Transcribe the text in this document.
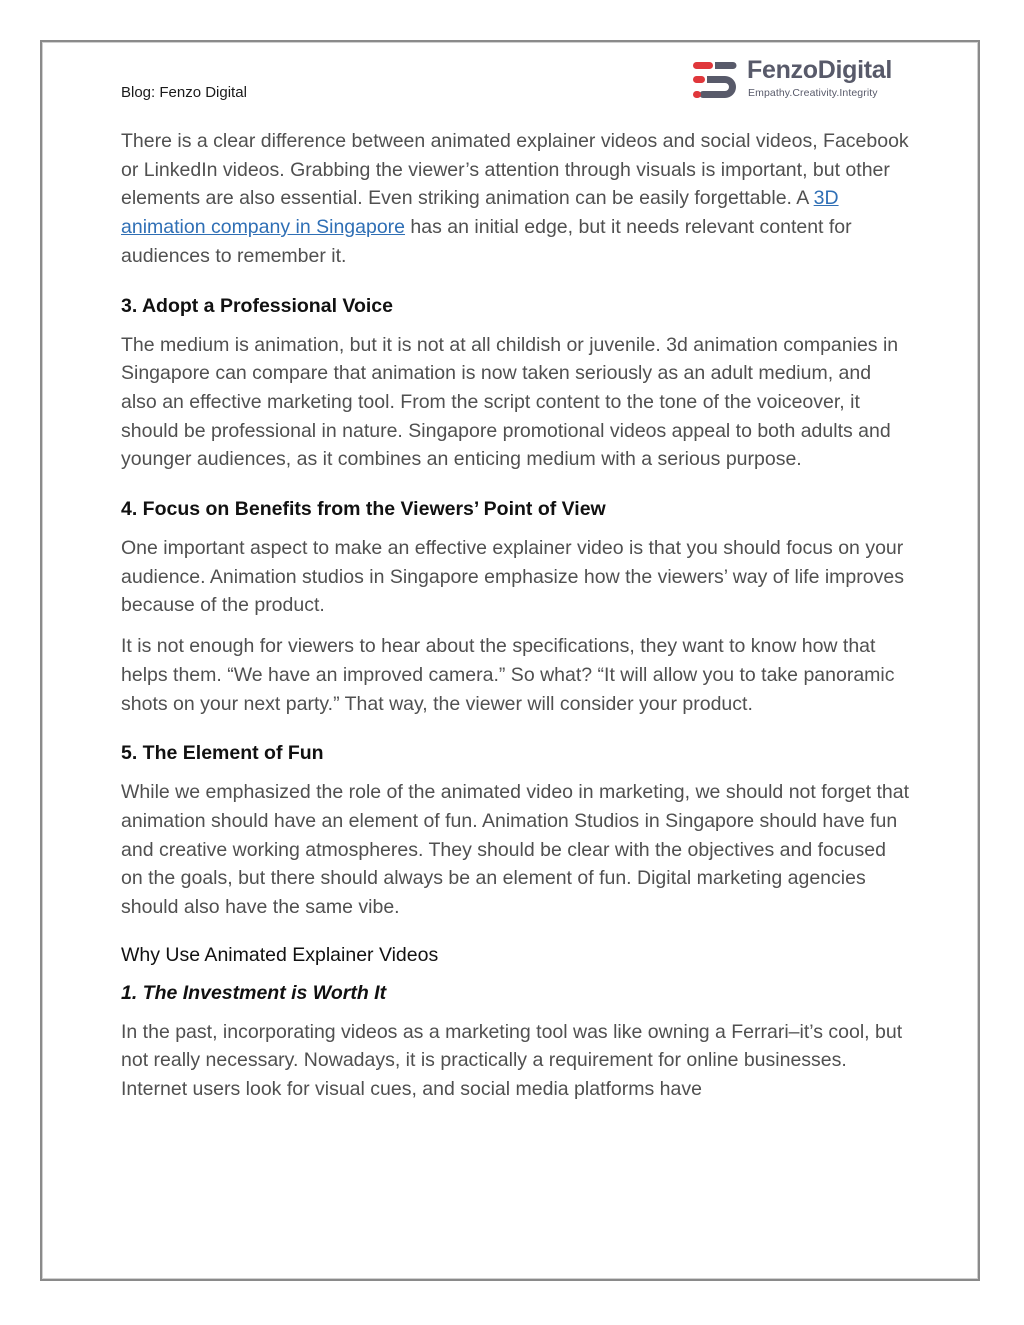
Blog: Fenzo Digital
FenzoDigital
Empathy.Creativity.Integrity

There is a clear difference between animated explainer videos and social videos, Facebook or LinkedIn videos. Grabbing the viewer’s attention through visuals is important, but other elements are also essential. Even striking animation can be easily forgettable. A 3D animation company in Singapore has an initial edge, but it needs relevant content for audiences to remember it.

3. Adopt a Professional Voice

The medium is animation, but it is not at all childish or juvenile. 3d animation companies in Singapore can compare that animation is now taken seriously as an adult medium, and also an effective marketing tool. From the script content to the tone of the voiceover, it should be professional in nature. Singapore promotional videos appeal to both adults and younger audiences, as it combines an enticing medium with a serious purpose.

4. Focus on Benefits from the Viewers’ Point of View

One important aspect to make an effective explainer video is that you should focus on your audience. Animation studios in Singapore emphasize how the viewers’ way of life improves because of the product.

It is not enough for viewers to hear about the specifications, they want to know how that helps them. “We have an improved camera.” So what? “It will allow you to take panoramic shots on your next party.” That way, the viewer will consider your product.

5. The Element of Fun

While we emphasized the role of the animated video in marketing, we should not forget that animation should have an element of fun. Animation Studios in Singapore should have fun and creative working atmospheres. They should be clear with the objectives and focused on the goals, but there should always be an element of fun. Digital marketing agencies should also have the same vibe.

Why Use Animated Explainer Videos
1. The Investment is Worth It

In the past, incorporating videos as a marketing tool was like owning a Ferrari–it’s cool, but not really necessary. Nowadays, it is practically a requirement for online businesses. Internet users look for visual cues, and social media platforms have
